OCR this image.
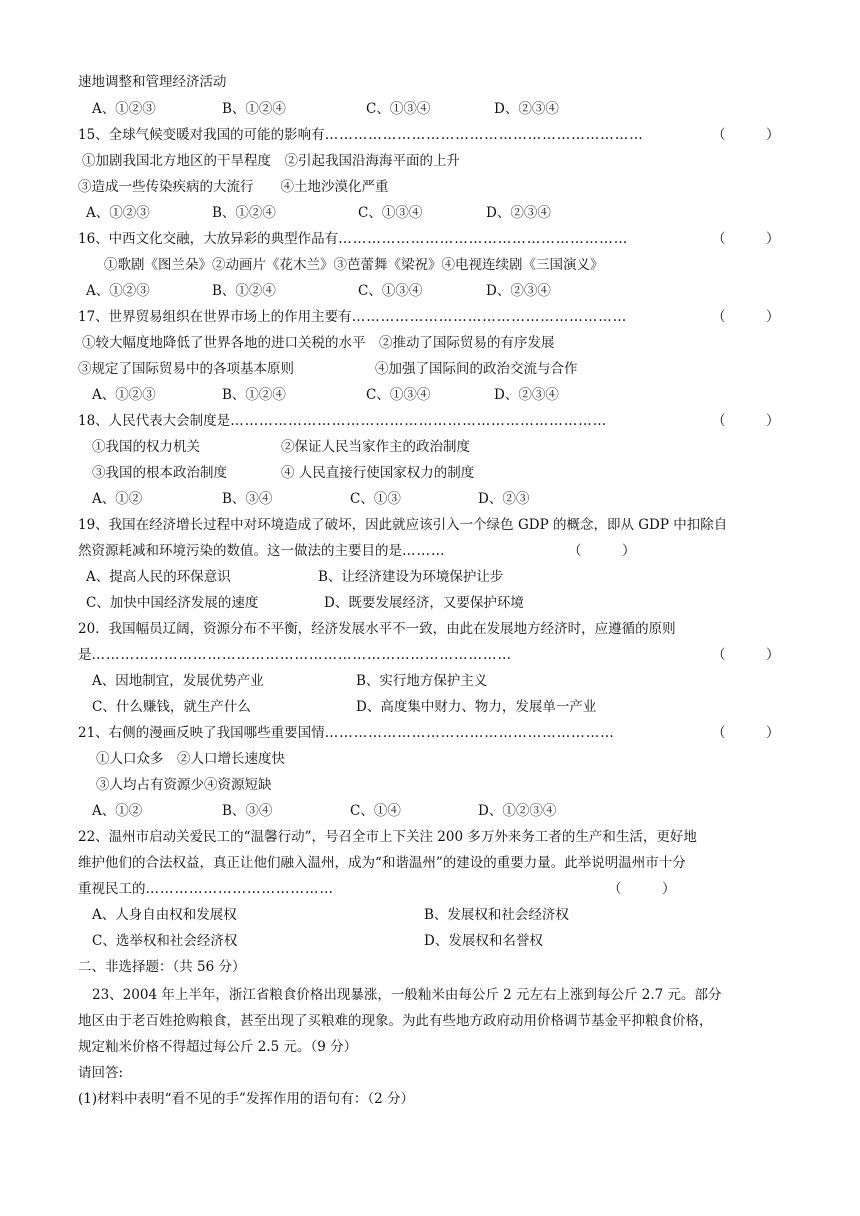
速地调整和管理经济活动
A、①②③	B、①②④	C、①③④	D、②③④
15、全球气候变暖对我国的可能的影响有…………………………………………………………	（　　　）
①加剧我国北方地区的干旱程度　②引起我国沿海海平面的上升
③造成一些传染疾病的大流行　　④土地沙漠化严重
A、①②③	B、①②④	C、①③④	D、②③④
16、中西文化交融，大放异彩的典型作品有……………………………………………………	（　　　）
①歌剧《图兰朵》②动画片《花木兰》③芭蕾舞《梁祝》④电视连续剧《三国演义》
A、①②③	B、①②④	C、①③④	D、②③④
17、世界贸易组织在世界市场上的作用主要有…………………………………………………	（　　　）
①较大幅度地降低了世界各地的进口关税的水平　②推动了国际贸易的有序发展
③规定了国际贸易中的各项基本原则　　　　　　④加强了国际间的政治交流与合作
A、①②③	B、①②④	C、①③④	D、②③④
18、人民代表大会制度是……………………………………………………………………	（　　　）
①我国的权力机关　　　　　　②保证人民当家作主的政治制度
③我国的根本政治制度　　　　④ 人民直接行使国家权力的制度
A、①②	B、③④	C、①③	D、②③
19、我国在经济增长过程中对环境造成了破坏，因此就应该引入一个绿色 GDP 的概念，即从 GDP 中扣除自
然资源耗减和环境污染的数值。这一做法的主要目的是………	（　　　）
A、提高人民的环保意识	B、让经济建设为环境保护让步
C、加快中国经济发展的速度	D、既要发展经济，又要保护环境
20．我国幅员辽阔，资源分布不平衡，经济发展水平不一致，由此在发展地方经济时，应遵循的原则
是……………………………………………………………………………	（　　　）
A、因地制宜，发展优势产业	B、实行地方保护主义
C、什么赚钱，就生产什么	D、高度集中财力、物力，发展单一产业
21、右侧的漫画反映了我国哪些重要国情……………………………………………………	（　　　）
①人口众多　②人口增长速度快
③人均占有资源少④资源短缺
A、①②	B、③④	C、①④	D、①②③④
22、温州市启动关爱民工的“温馨行动”，号召全市上下关注 200 多万外来务工者的生产和生活，更好地
维护他们的合法权益，真正让他们融入温州，成为“和谐温州”的建设的重要力量。此举说明温州市十分
重视民工的…………………………………	（　　　）
A、人身自由权和发展权	B、发展权和社会经济权
C、选举权和社会经济权	D、发展权和名誉权
二、非选择题：（共 56 分）
23、2004 年上半年，浙江省粮食价格出现暴涨，一般籼米由每公斤 2 元左右上涨到每公斤 2.7 元。部分
地区由于老百姓抢购粮食，甚至出现了买粮难的现象。为此有些地方政府动用价格调节基金平抑粮食价格，
规定籼米价格不得超过每公斤 2.5 元。（9 分）
请回答:
(1)材料中表明“看不见的手”发挥作用的语句有：（2 分）
